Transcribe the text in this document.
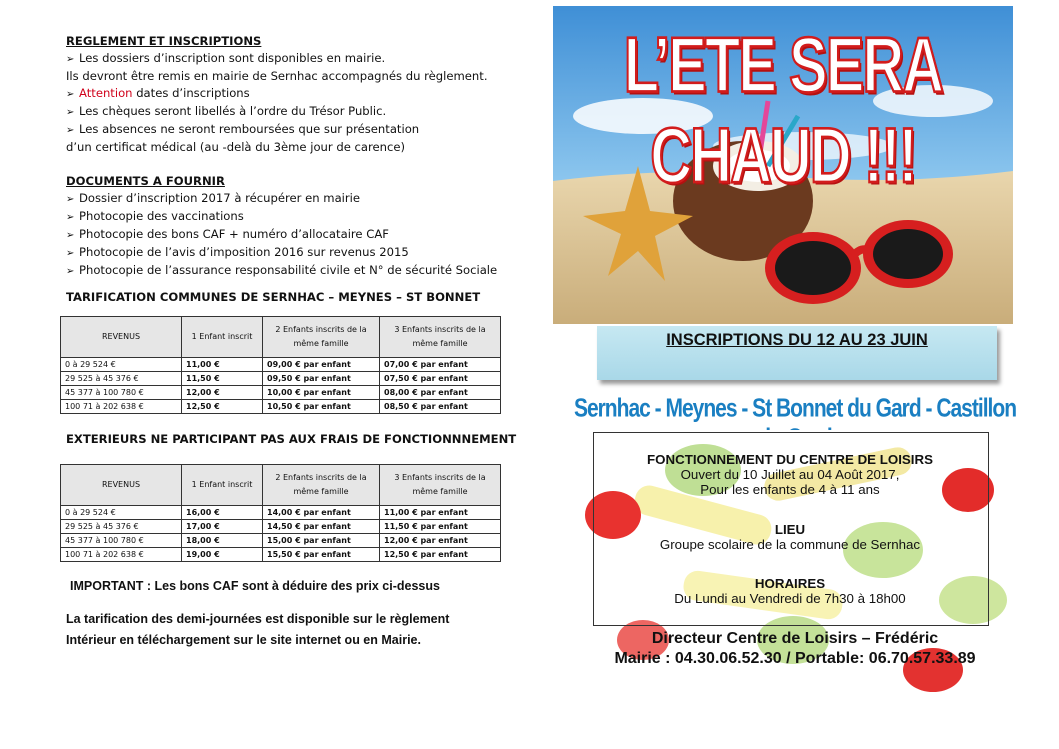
REGLEMENT ET INSCRIPTIONS
➢ Les dossiers d’inscription sont disponibles en mairie.
Ils devront être remis en mairie de Sernhac accompagnés du règlement.
➢ Attention dates d’inscriptions
➢ Les chèques seront libellés à l’ordre du Trésor Public.
➢ Les absences ne seront remboursées que sur présentation
d’un certificat médical (au -delà du 3ème jour de carence)
DOCUMENTS A FOURNIR
➢ Dossier d’inscription 2017 à récupérer en mairie
➢ Photocopie des vaccinations
➢ Photocopie des bons CAF + numéro d’allocataire CAF
➢ Photocopie de l’avis d’imposition 2016 sur revenus 2015
➢ Photocopie de l’assurance responsabilité civile et N° de sécurité Sociale
TARIFICATION COMMUNES DE SERNHAC – MEYNES – ST BONNET
REVENUS	1 Enfant inscrit	2 Enfants inscrits de la même famille	3 Enfants inscrits de la même famille
0 à 29 524 €	11,00 €	09,00 € par enfant	07,00 € par enfant
29 525 à 45 376 €	11,50 €	09,50 € par enfant	07,50 € par enfant
45 377 à 100 780 €	12,00 €	10,00 € par enfant	08,00 € par enfant
100 71 à 202 638 €	12,50 €	10,50 € par enfant	08,50 € par enfant
EXTERIEURS NE PARTICIPANT PAS AUX FRAIS DE FONCTIONNNEMENT
REVENUS	1 Enfant inscrit	2 Enfants inscrits de la même famille	3 Enfants inscrits de la même famille
0 à 29 524 €	16,00 €	14,00 € par enfant	11,00 € par enfant
29 525 à 45 376 €	17,00 €	14,50 € par enfant	11,50 € par enfant
45 377 à 100 780 €	18,00 €	15,00 € par enfant	12,00 € par enfant
100 71 à 202 638 €	19,00 €	15,50 € par enfant	12,50 € par enfant
IMPORTANT : Les bons CAF sont à déduire des prix ci-dessus
La tarification des demi-journées est disponible sur le règlement
Intérieur en téléchargement sur le site internet ou en Mairie.
L’ETE SERA CHAUD !!!
INSCRIPTIONS DU 12 AU 23 JUIN
Sernhac - Meynes - St Bonnet du Gard - Castillon
FONCTIONNEMENT DU CENTRE DE LOISIRS
Ouvert du 10 Juillet au 04 Août 2017,
Pour les enfants de 4 à 11 ans
LIEU
Groupe scolaire de la commune de Sernhac
HORAIRES
Du Lundi au Vendredi de 7h30 à 18h00
Directeur Centre de Loisirs – Frédéric
Mairie : 04.30.06.52.30 / Portable: 06.70.57.33.89
